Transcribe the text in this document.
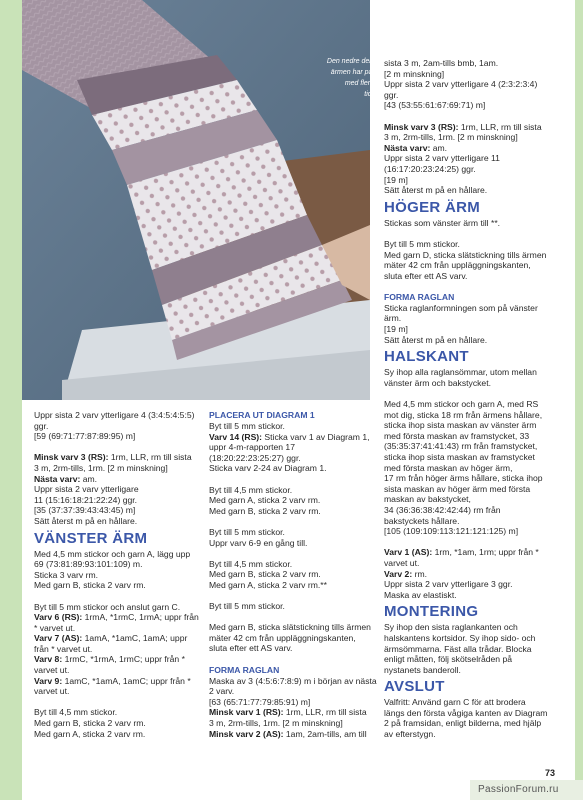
Den nedre delen av
ärmen har paneler
med flerfärgs-
tickning

Uppr sista 2 varv ytterligare 4 (3:4:5:4:5:5)

ggr.

[59 (69:71:77:87:89:95) m]

Minsk varv 3 (RS): 1rm, LLR, rm till sista

3 m, 2rm-tills, 1rm. [2 m minskning]

Nästa varv: am.

Uppr sista 2 varv ytterligare

11 (15:16:18:21:22:24) ggr.

[35 (37:37:39:43:43:45) m]

Sätt återst m på en hållare.

VÄNSTER ÄRM

Med 4,5 mm stickor och garn A, lägg upp

69 (73:81:89:93:101:109) m.

Sticka 3 varv rm.

Med garn B, sticka 2 varv rm.

Byt till 5 mm stickor och anslut garn C.

Varv 6 (RS): 1rmA, *1rmC, 1rmA; uppr från

* varvet ut.

Varv 7 (AS): 1amA, *1amC, 1amA; uppr

från * varvet ut.

Varv 8: 1rmC, *1rmA, 1rmC; uppr från *

varvet ut.

Varv 9: 1amC, *1amA, 1amC; uppr från *

varvet ut.

Byt till 4,5 mm stickor.

Med garn B, sticka 2 varv rm.

Med garn A, sticka 2 varv rm.

PLACERA UT DIAGRAM 1

Byt till 5 mm stickor.

Varv 14 (RS): Sticka varv 1 av Diagram 1,

uppr 4-m-rapporten 17

(18:20:22:23:25:27) ggr.

Sticka varv 2-24 av Diagram 1.

Byt till 4,5 mm stickor.

Med garn A, sticka 2 varv rm.

Med garn B, sticka 2 varv rm.

Byt till 5 mm stickor.

Uppr varv 6-9 en gång till.

Byt till 4,5 mm stickor.

Med garn B, sticka 2 varv rm.

Med garn A, sticka 2 varv rm.**

Byt till 5 mm stickor.

Med garn B, sticka slätstickning tills ärmen

mäter 42 cm från uppläggningskanten,

sluta efter ett AS varv.

FORMA RAGLAN

Maska av 3 (4:5:6:7:8:9) m i början av nästa

2 varv.

[63 (65:71:77:79:85:91) m]

Minsk varv 1 (RS): 1rm, LLR, rm till sista

3 m, 2rm-tills, 1rm. [2 m minskning]

Minsk varv 2 (AS): 1am, 2am-tills, am till

sista 3 m, 2am-tills bmb, 1am.

[2 m minskning]

Uppr sista 2 varv ytterligare 4 (2:3:2:3:4) ggr.

[43 (53:55:61:67:69:71) m]

Minsk varv 3 (RS): 1rm, LLR, rm till sista

3 m, 2rm-tills, 1rm. [2 m minskning]

Nästa varv: am.

Uppr sista 2 varv ytterligare 11

(16:17:20:23:24:25) ggr.

[19 m]

Sätt återst m på en hållare.

HÖGER ÄRM

Stickas som vänster ärm till **.

Byt till 5 mm stickor.

Med garn D, sticka slätstickning tills ärmen

mäter 42 cm från uppläggningskanten,

sluta efter ett AS varv.

FORMA RAGLAN

Sticka raglanformningen som på vänster ärm.

[19 m]

Sätt återst m på en hållare.

HALSKANT

Sy ihop alla raglansömmar, utom mellan

vänster ärm och bakstycket.

Med 4,5 mm stickor och garn A, med RS

mot dig, sticka 18 rm från ärmens hållare,

sticka ihop sista maskan av vänster ärm

med första maskan av framstycket, 33

(35:35:37:41:41:43) rm från framstycket,

sticka ihop sista maskan av framstycket

med första maskan av höger ärm,

17 rm från höger ärms hållare, sticka ihop

sista maskan av höger ärm med första

maskan av bakstycket,

34 (36:36:38:42:42:44) rm från

bakstyckets hållare.

[105 (109:109:113:121:121:125) m]

Varv 1 (AS): 1rm, *1am, 1rm; uppr från *

varvet ut.

Varv 2: rm.

Uppr sista 2 varv ytterligare 3 ggr.

Maska av elastiskt.

MONTERING

Sy ihop den sista raglankanten och

halskantens kortsidor. Sy ihop sido- och

ärmsömmarna. Fäst alla trådar. Blocka

enligt måtten, följ skötselråden på

nystanets banderoll.

AVSLUT

Valfritt: Använd garn C för att brodera

längs den första vågiga kanten av Diagram

2 på framsidan, enligt bilderna, med hjälp

av efterstygn.

73
PassionForum.ru
